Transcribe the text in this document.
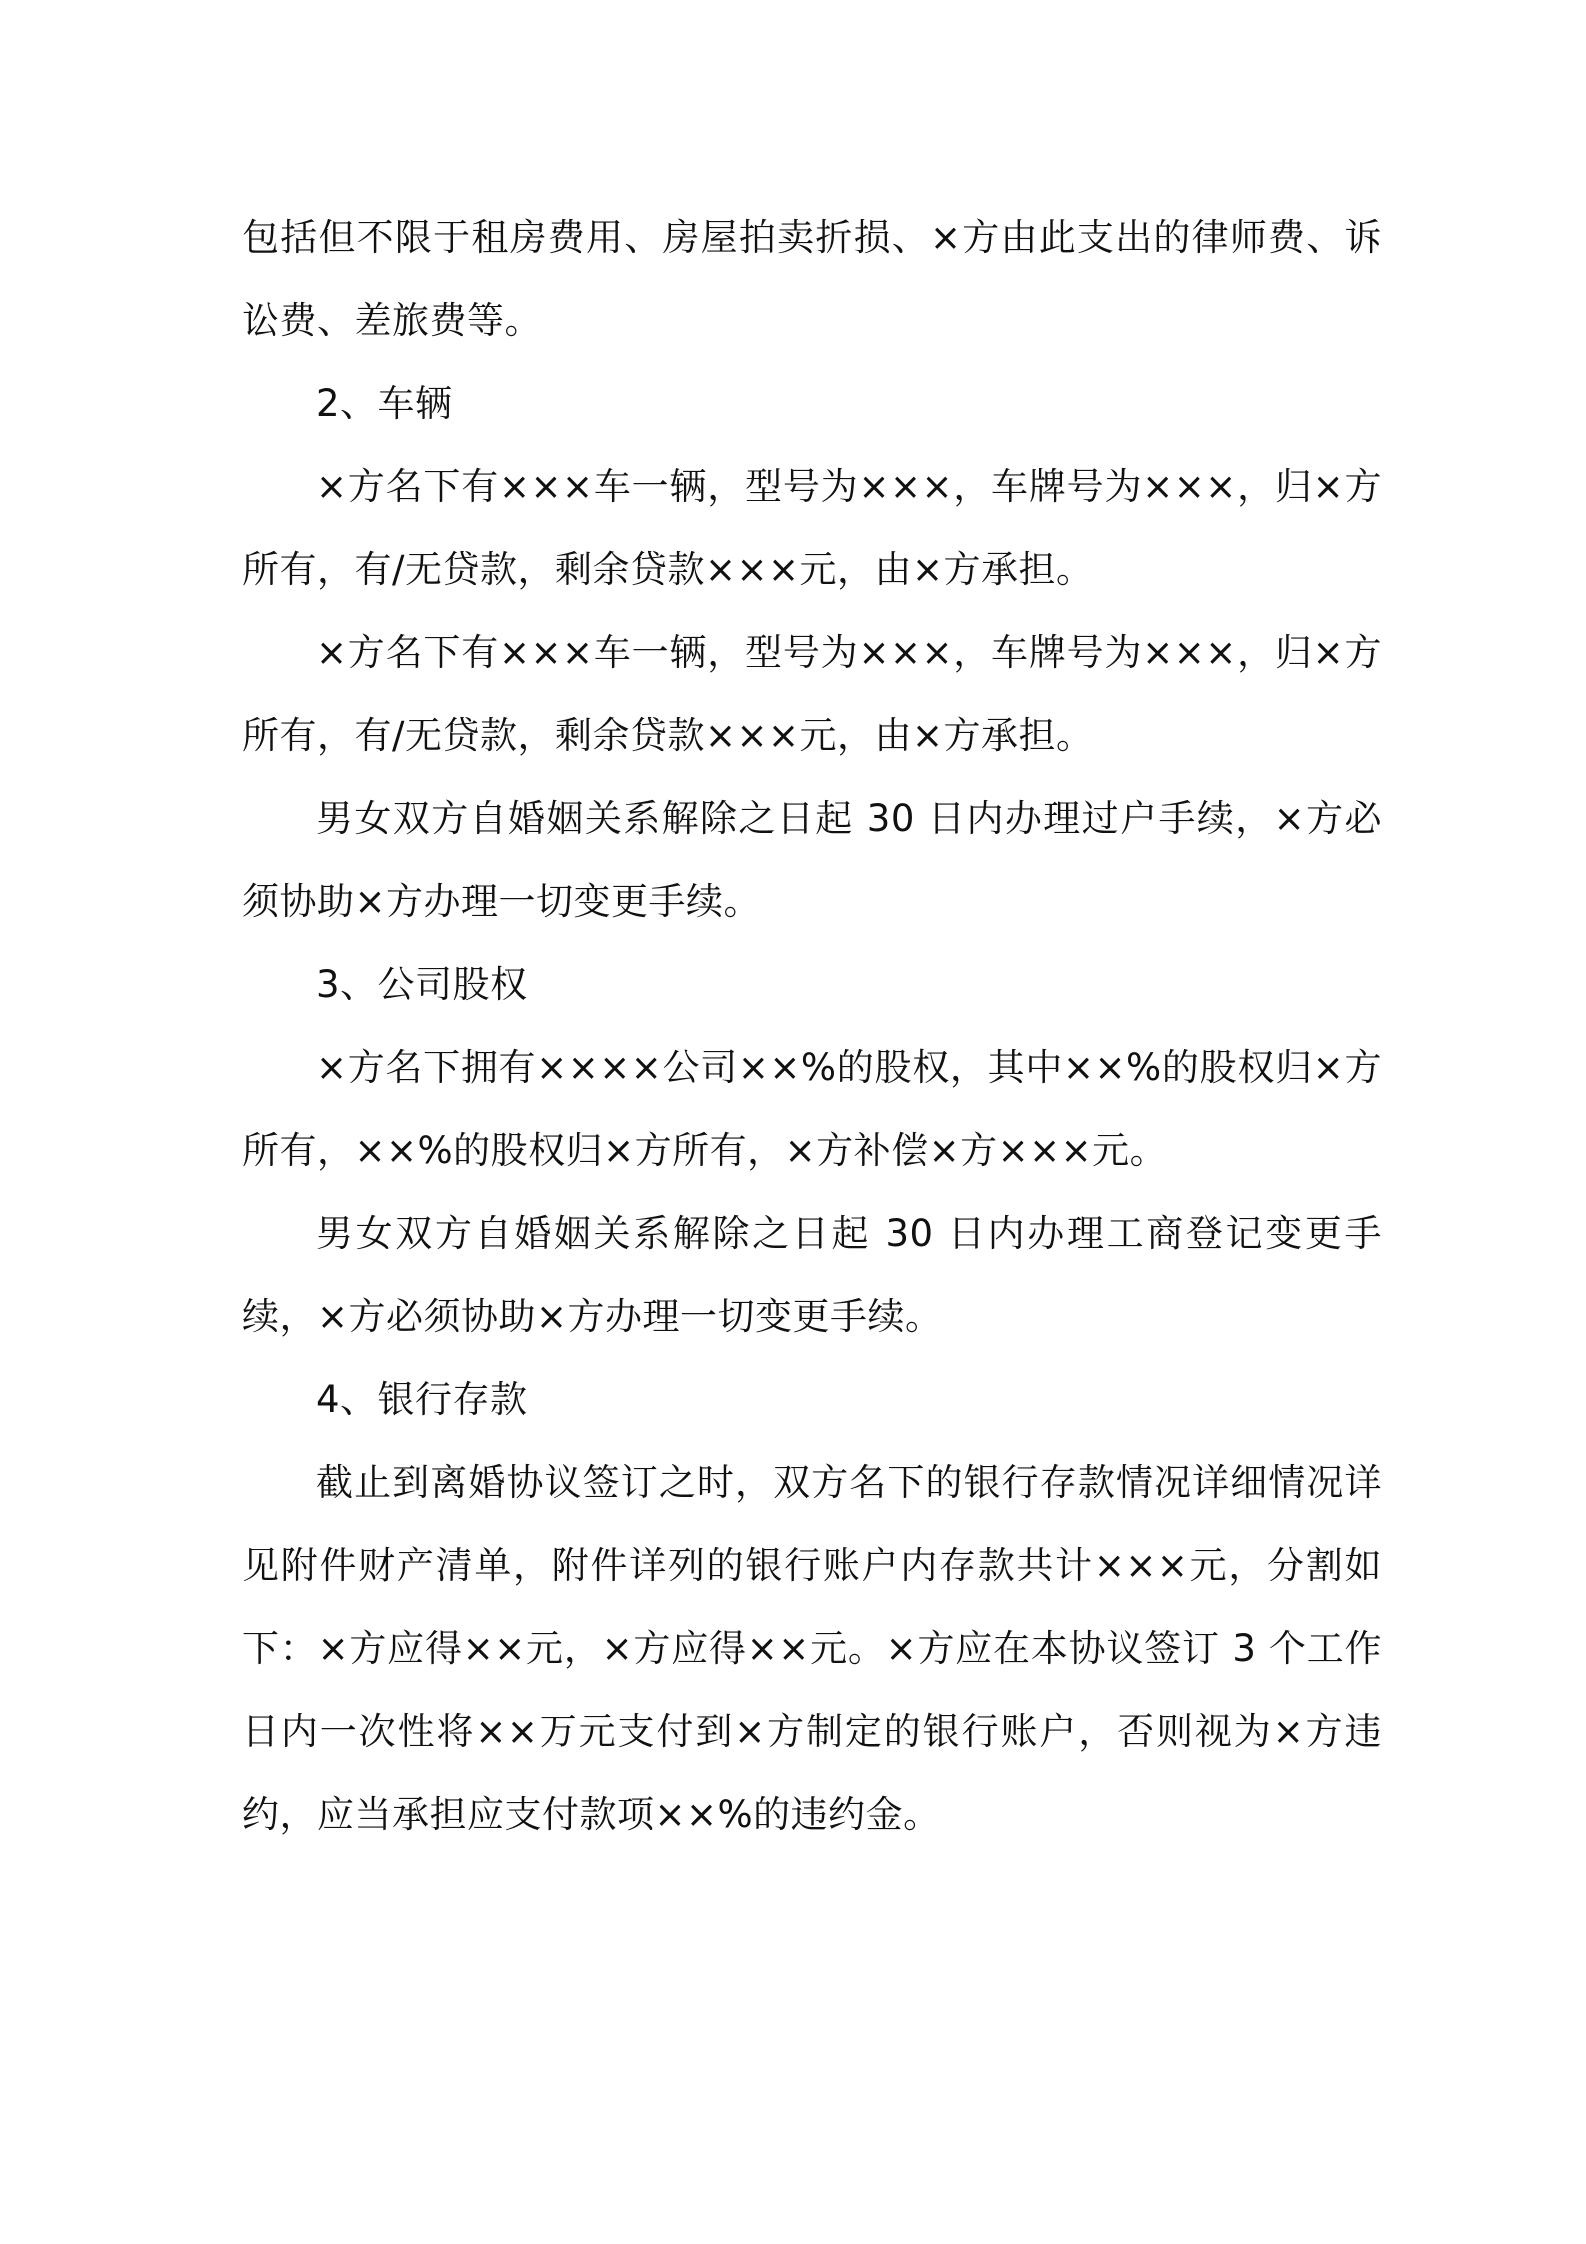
包括但不限于租房费用、房屋拍卖折损、×方由此支出的律师费、诉讼费、差旅费等。

2、车辆

×方名下有×××车一辆，型号为×××，车牌号为×××，归×方所有，有/无贷款，剩余贷款×××元，由×方承担。

×方名下有×××车一辆，型号为×××，车牌号为×××，归×方所有，有/无贷款，剩余贷款×××元，由×方承担。

男女双方自婚姻关系解除之日起 30 日内办理过户手续，×方必须协助×方办理一切变更手续。

3、公司股权

×方名下拥有××××公司××%的股权，其中××%的股权归×方所有，××%的股权归×方所有，×方补偿×方×××元。

男女双方自婚姻关系解除之日起 30 日内办理工商登记变更手续，×方必须协助×方办理一切变更手续。

4、银行存款

截止到离婚协议签订之时，双方名下的银行存款情况详细情况详见附件财产清单，附件详列的银行账户内存款共计×××元，分割如下：×方应得××元，×方应得××元。×方应在本协议签订 3 个工作日内一次性将××万元支付到×方制定的银行账户，否则视为×方违约，应当承担应支付款项××%的违约金。
